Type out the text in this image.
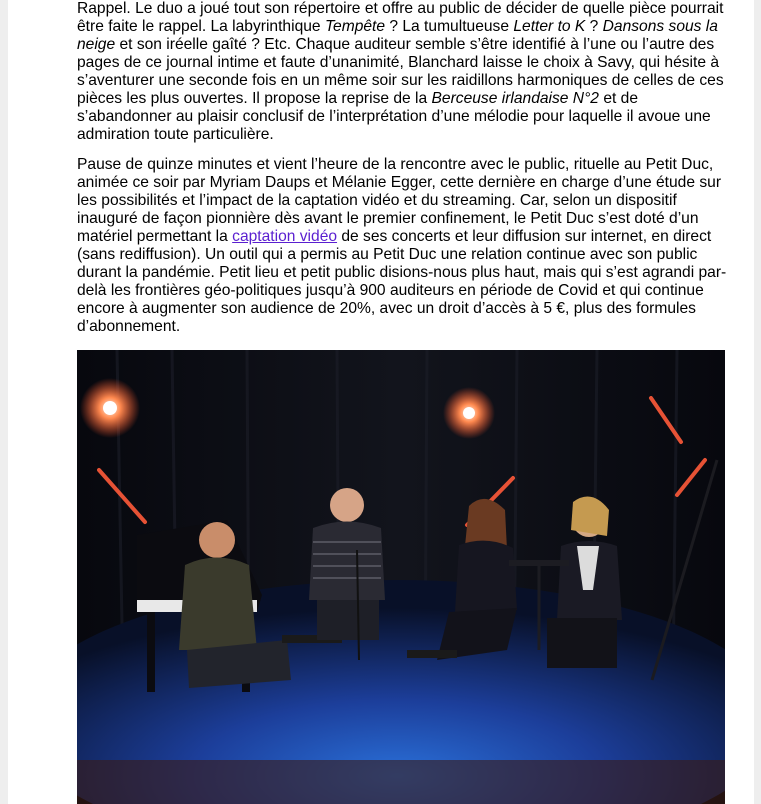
Rappel. Le duo a joué tout son répertoire et offre au public de décider de quelle pièce pourrait être faite le rappel. La labyrinthique Tempête ? La tumultueuse Letter to K ? Dansons sous la neige et son iréelle gaîté ? Etc. Chaque auditeur semble s’être identifié à l’une ou l’autre des pages de ce journal intime et faute d’unanimité, Blanchard laisse le choix à Savy, qui hésite à s’aventurer une seconde fois en un même soir sur les raidillons harmoniques de celles de ces pièces les plus ouvertes. Il propose la reprise de la Berceuse irlandaise N°2 et de s’abandonner au plaisir conclusif de l’interprétation d’une mélodie pour laquelle il avoue une admiration toute particulière.

Pause de quinze minutes et vient l’heure de la rencontre avec le public, rituelle au Petit Duc, animée ce soir par Myriam Daups et Mélanie Egger, cette dernière en charge d’une étude sur les possibilités et l’impact de la captation vidéo et du streaming. Car, selon un dispositif inauguré de façon pionnière dès avant le premier confinement, le Petit Duc s’est doté d’un matériel permettant la captation vidéo de ses concerts et leur diffusion sur internet, en direct (sans rediffusion). Un outil qui a permis au Petit Duc une relation continue avec son public durant la pandémie. Petit lieu et petit public disions-nous plus haut, mais qui s’est agrandi par-delà les frontières géo-politiques jusqu’à 900 auditeurs en période de Covid et qui continue encore à augmenter son audience de 20%, avec un droit d’accès à 5 €, plus des formules d’abonnement.
